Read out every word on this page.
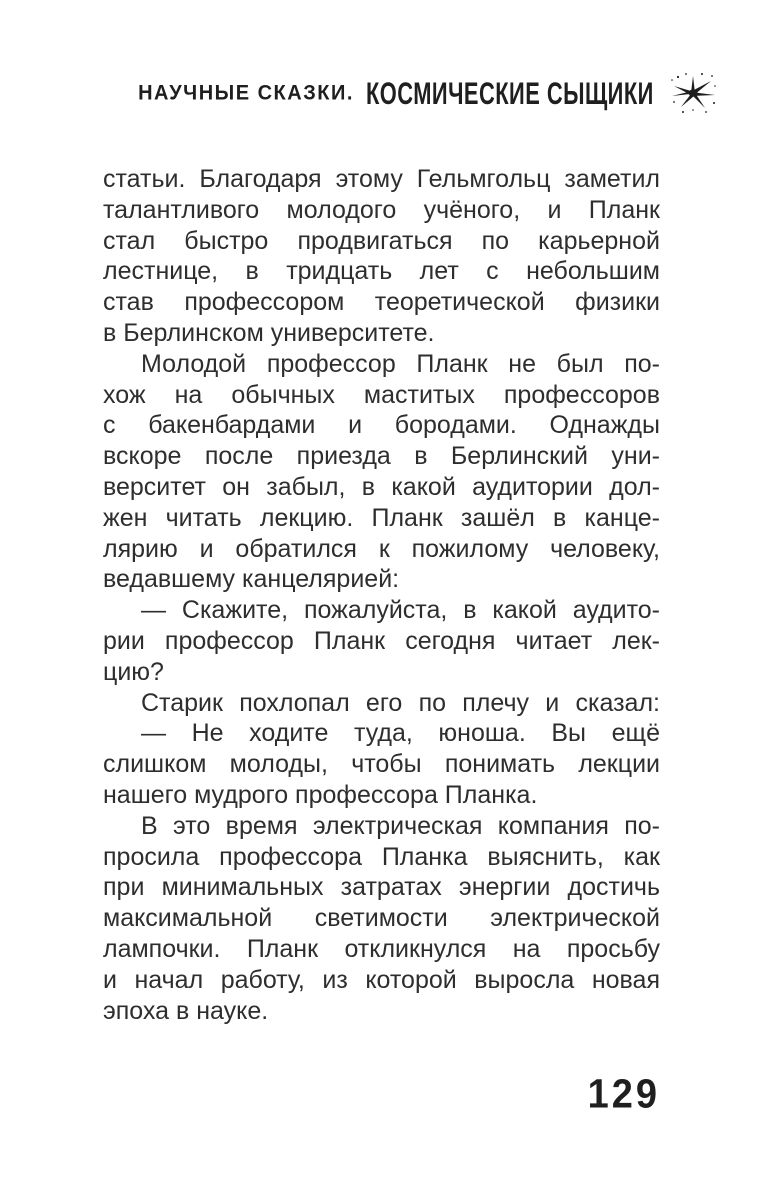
НАУЧНЫЕ СКАЗКИ. КОСМИЧЕСКИЕ СЫЩИКИ
статьи. Благодаря этому Гельмгольц заметил
талантливого молодого учёного, и Планк
стал быстро продвигаться по карьерной
лестнице, в тридцать лет с небольшим
став профессором теоретической физики
в Берлинском университете.
Молодой профессор Планк не был по-
хож на обычных маститых профессоров
с бакенбардами и бородами. Однажды
вскоре после приезда в Берлинский уни-
верситет он забыл, в какой аудитории дол-
жен читать лекцию. Планк зашёл в канце-
лярию и обратился к пожилому человеку,
ведавшему канцелярией:
— Скажите, пожалуйста, в какой аудито-
рии профессор Планк сегодня читает лек-
цию?
Старик похлопал его по плечу и сказал:
— Не ходите туда, юноша. Вы ещё
слишком молоды, чтобы понимать лекции
нашего мудрого профессора Планка.
В это время электрическая компания по-
просила профессора Планка выяснить, как
при минимальных затратах энергии достичь
максимальной светимости электрической
лампочки. Планк откликнулся на просьбу
и начал работу, из которой выросла новая
эпоха в науке.
129
